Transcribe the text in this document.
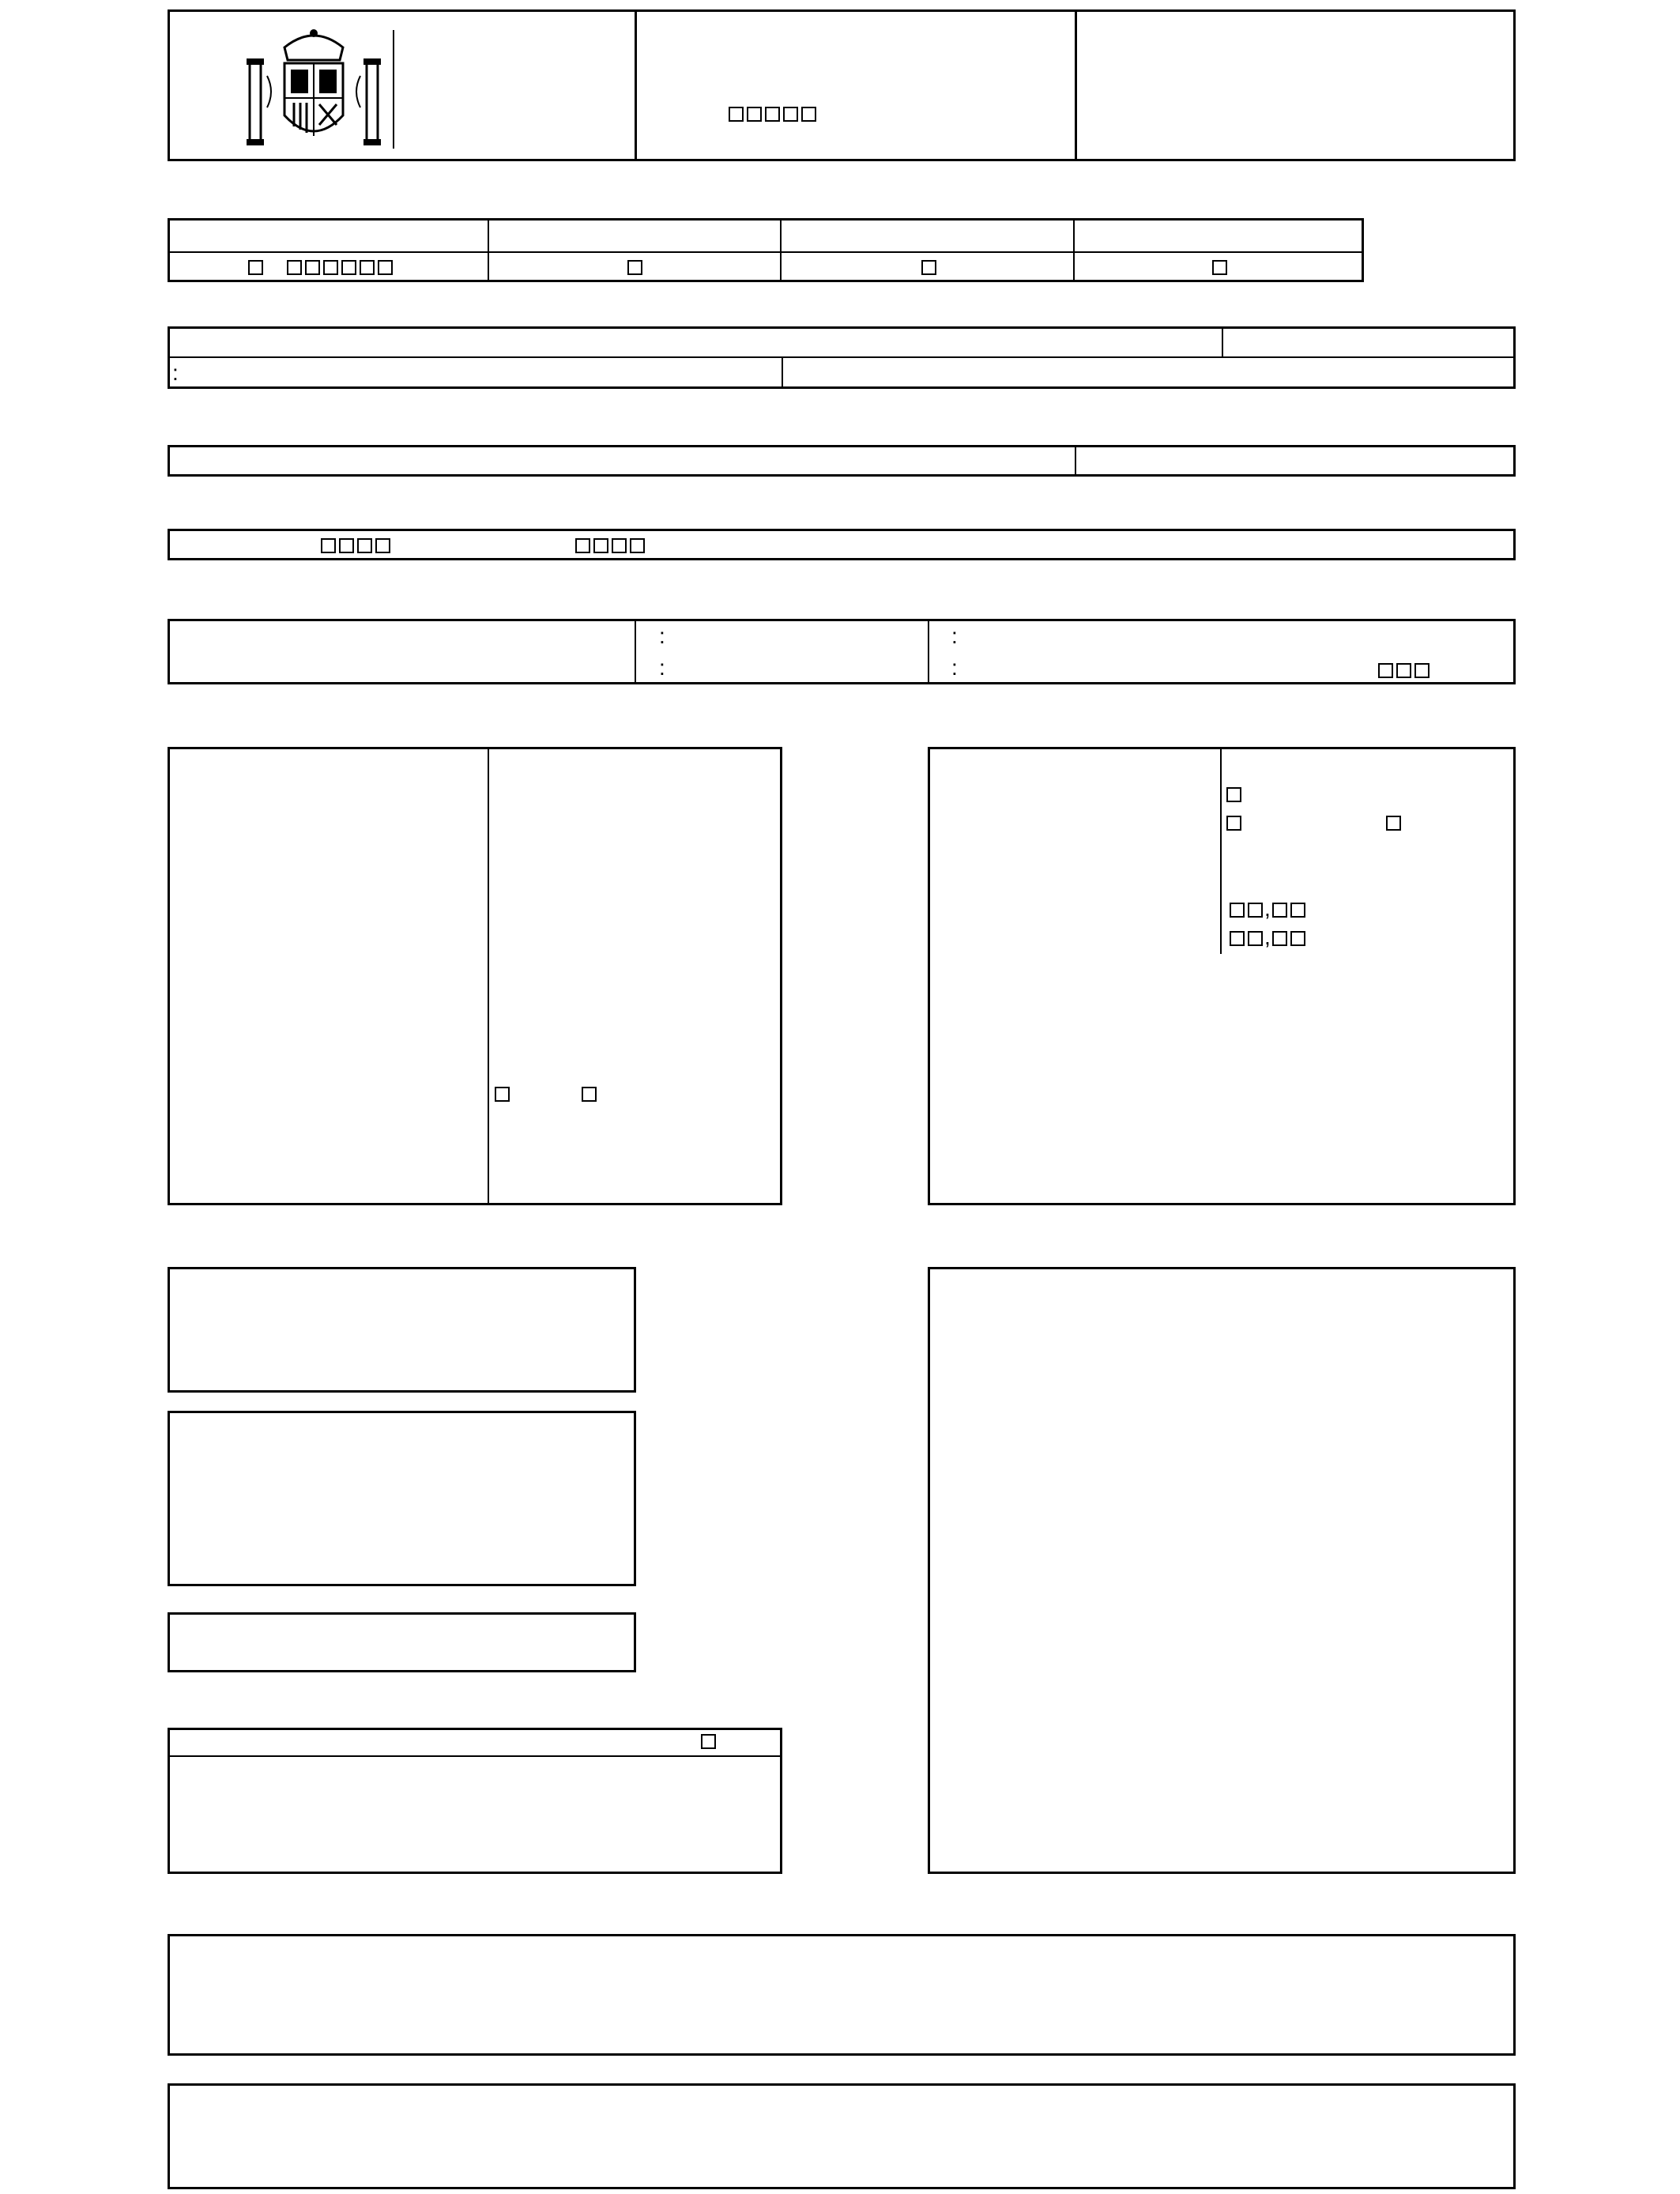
:
:
:
:
:
,
,
